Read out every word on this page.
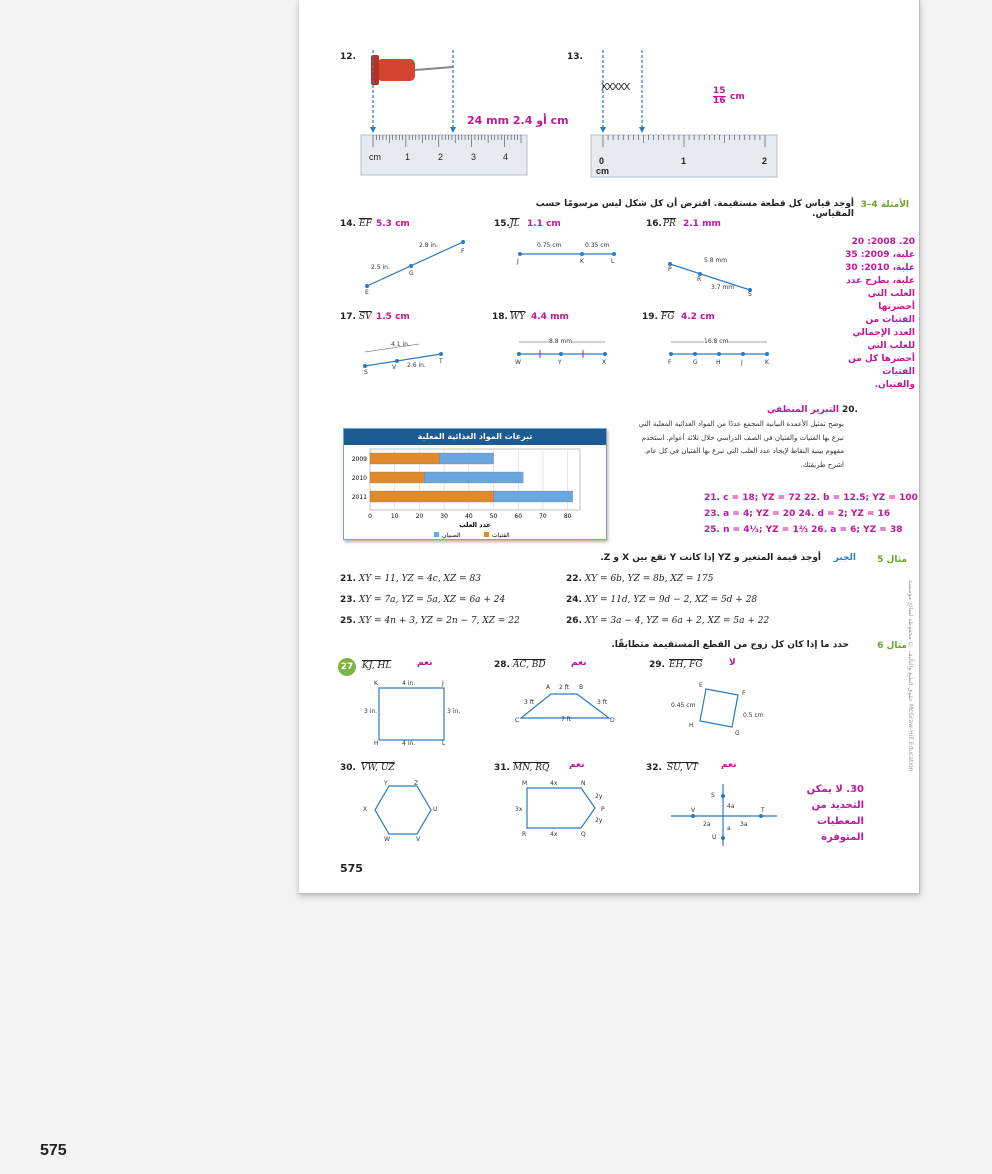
12.
cm	1	2	3	4
24 mm أو 2.4 cm
13.
XXXXX
0	1	2
cm
15
16 cm
الأمثلة 4–3
أوجد قياس كل قطعة مستقيمة. افترض أن كل شكل ليس مرسومًا حسب المقياس.
14. $\overline{EF}$ 5.3 cm
2.8 in.
2.5 in.
E
G
F
15. $\overline{JL}$ 1.1 cm
0.75 cm	0.35 cm
J	K	L
16. $\overline{PR}$ 2.1 mm
5.8 mm
3.7 mm
P
R
S
20. 2008: 20 علبة، 2009: 35 علبة، 2010: 30 علبة، بطرح عدد العلب التي أحضرتها الفتيات من العدد الإجمالي للعلب التي أحضرها كل من الفتيات والفتيان.
17. $\overline{SV}$ 1.5 cm
4.1 in.
2.6 in.
S
V
T
18. $\overline{WY}$ 4.4 mm
8.8 mm
W	Y	X
19. $\overline{FG}$ 4.2 cm
16.8 cm
F	G	H	J	K
تبرعات المواد الغذائية المعلبة
0	10	20	30	40	50	60	70	80
2009
2010
2011
عدد العلب
الفتيات
الصبيان
20.
التبرير المنطقي
يوضح تمثيل الأعمدة البيانية المجمع عددًا من المواد الغذائية المعلبة التي تبرع بها الفتيات والفتيان في الصف الدراسي خلال ثلاثة أعوام. استخدم مفهوم بينية النقاط لإيجاد عدد العلب التي تبرع بها الفتيان في كل عام. اشرح طريقتك.
21. c = 18; YZ = 72 22. b = 12.5; YZ = 100
23. a = 4; YZ = 20 24. d = 2; YZ = 16
25. n = 4⅓; YZ = 1⅔ 26. a = 6; YZ = 38
مثال 5
الجبر
أوجد قيمة المتغير و YZ إذا كانت Y تقع بين X و Z.
21. XY = 11, YZ = 4c, XZ = 83	22. XY = 6b, YZ = 8b, XZ = 175
23. XY = 7a, YZ = 5a, XZ = 6a + 24	24. XY = 11d, YZ = 9d − 2, XZ = 5d + 28
25. XY = 4n + 3, YZ = 2n − 7, XZ = 22	26. XY = 3a − 4, YZ = 6a + 2, XZ = 5a + 22
مثال 6
حدد ما إذا كان كل زوج من القطع المستقيمة متطابقًا.
27 KJ, HL	نعم
K	J
H	L
4 in.
3 in.	3 in.
4 in.
28. AC, BD	نعم
A 2 ft B
3 ft	3 ft
C	7 ft	D
29. EH, FG	لا
E
F
H
G
0.45 cm
0.5 cm
30. VW, UZ
Y	Z
X	U
W	V
31. MN, RQ نعم
M	4x	N
2y
3x	P
2y
R	4x	Q
32. SU, VT	نعم
S
4a
V	T
2a	3a
a
U
30. لا يمكن التحديد من المعطيات المتوفرة
575
حقوق الطبع والتأليف © محفوظة لصالح مؤسسة McGraw-Hill Education
575
